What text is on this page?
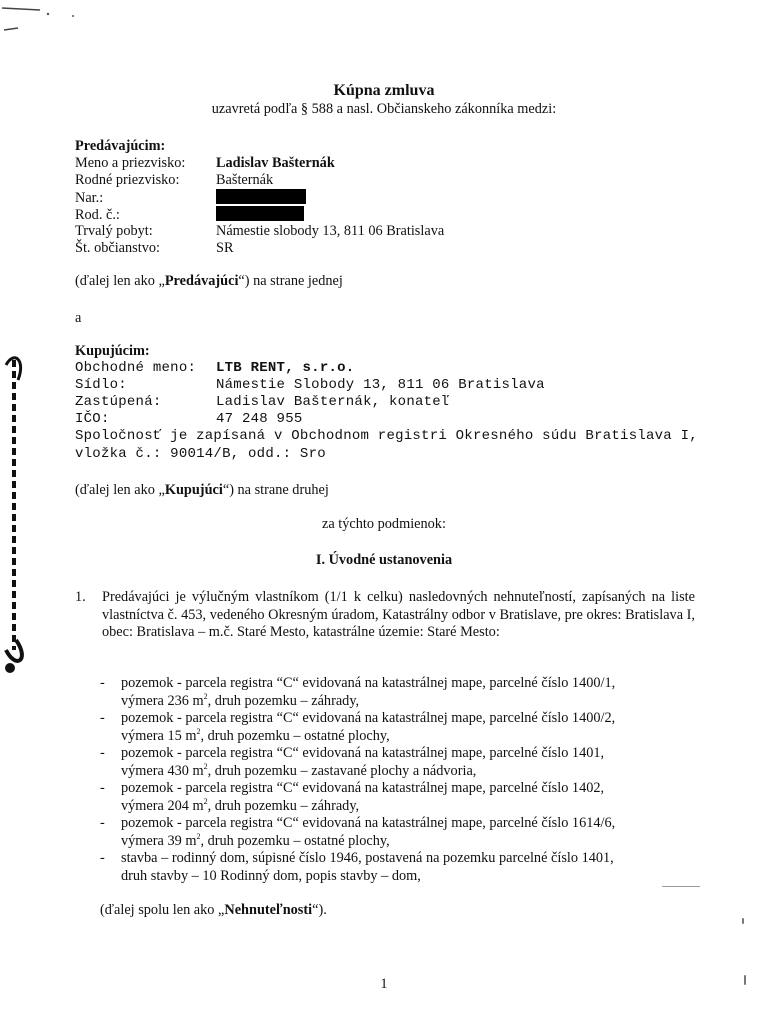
Kúpna zmluva
uzavretá podľa § 588 a nasl. Občianskeho zákonníka medzi:
Predávajúcim:
Meno a priezvisko: Ladislav Bašternák
Rodné priezvisko:	Bašternák
Nar.:
Rod. č.:
Trvalý pobyt:	Námestie slobody 13, 811 06 Bratislava
Št. občianstvo:	SR
(ďalej len ako „Predávajúci“) na strane jednej
a
Kupujúcim:
Obchodné meno: LTB RENT, s.r.o.
Sídlo:	Námestie Slobody 13, 811 06 Bratislava
Zastúpená:	Ladislav Bašternák, konateľ
IČO:	47 248 955
Spoločnosť je zapísaná v Obchodnom registri Okresného súdu Bratislava I,
vložka č.: 90014/B, odd.: Sro
(ďalej len ako „Kupujúci“) na strane druhej
za týchto podmienok:
I. Úvodné ustanovenia
1. Predávajúci je výlučným vlastníkom (1/1 k celku) nasledovných nehnuteľností, zapísaných na liste vlastníctva č. 453, vedeného Okresným úradom, Katastrálny odbor v Bratislave, pre okres: Bratislava I, obec: Bratislava – m.č. Staré Mesto, katastrálne územie: Staré Mesto:
- pozemok - parcela registra “C“ evidovaná na katastrálnej mape, parcelné číslo 1400/1,
výmera 236 $m^2$, druh pozemku – záhrady,
- pozemok - parcela registra “C“ evidovaná na katastrálnej mape, parcelné číslo 1400/2,
výmera 15 $m^2$, druh pozemku – ostatné plochy,
- pozemok - parcela registra “C“ evidovaná na katastrálnej mape, parcelné číslo 1401,
výmera 430 $m^2$, druh pozemku – zastavané plochy a nádvoria,
- pozemok - parcela registra “C“ evidovaná na katastrálnej mape, parcelné číslo 1402,
výmera 204 $m^2$, druh pozemku – záhrady,
- pozemok - parcela registra “C“ evidovaná na katastrálnej mape, parcelné číslo 1614/6,
výmera 39 $m^2$, druh pozemku – ostatné plochy,
- stavba – rodinný dom, súpisné číslo 1946, postavená na pozemku parcelné číslo 1401,
druh stavby – 10 Rodinný dom, popis stavby – dom,
(ďalej spolu len ako „Nehnuteľnosti“).
1
